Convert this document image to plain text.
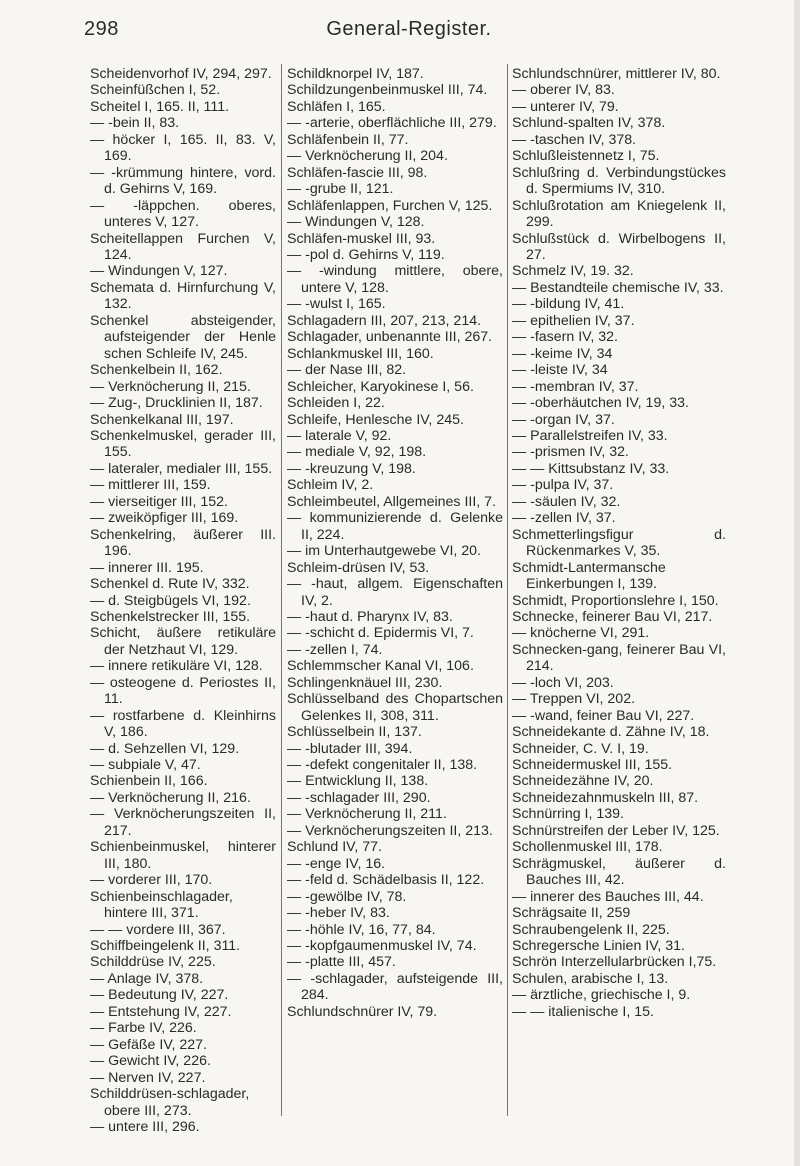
298	General-Register.

Scheidenvorhof IV, 294, 297.

Scheinfüßchen I, 52.

Scheitel I, 165. II, 111.

— -bein II, 83.

— höcker I, 165. II, 83. V, 169.

— -krümmung hintere, vord. d. Gehirns V, 169.

— -läppchen. oberes, unteres V, 127.

Scheitellappen Furchen V, 124.

— Windungen V, 127.

Schemata d. Hirnfurchung V, 132.

Schenkel absteigender, aufsteigender der Henle schen Schleife IV, 245.

Schenkelbein II, 162.

— Verknöcherung II, 215.

— Zug-, Drucklinien II, 187.

Schenkelkanal III, 197.

Schenkelmuskel, gerader III, 155.

— lateraler, medialer III, 155.

— mittlerer III, 159.

— vierseitiger III, 152.

— zweiköpfiger III, 169.

Schenkelring, äußerer III. 196.

— innerer III. 195.

Schenkel d. Rute IV, 332.

— d. Steigbügels VI, 192.

Schenkelstrecker III, 155.

Schicht, äußere retikuläre der Netzhaut VI, 129.

— innere retikuläre VI, 128.

— osteogene d. Periostes II, 11.

— rostfarbene d. Kleinhirns V, 186.

— d. Sehzellen VI, 129.

— subpiale V, 47.

Schienbein II, 166.

— Verknöcherung II, 216.

— Verknöcherungszeiten II, 217.

Schienbeinmuskel, hinterer III, 180.

— vorderer III, 170.

Schienbeinschlagader, hintere III, 371.

— — vordere III, 367.

Schiffbeingelenk II, 311.

Schilddrüse IV, 225.

— Anlage IV, 378.

— Bedeutung IV, 227.

— Entstehung IV, 227.

— Farbe IV, 226.

— Gefäße IV, 227.

— Gewicht IV, 226.

— Nerven IV, 227.

Schilddrüsen-schlagader, obere III, 273.

— untere III, 296.

Schildknorpel IV, 187.

Schildzungenbeinmuskel III, 74.

Schläfen I, 165.

— -arterie, oberflächliche III, 279.

Schläfenbein II, 77.

— Verknöcherung II, 204.

Schläfen-fascie III, 98.

— -grube II, 121.

Schläfenlappen, Furchen V, 125.

— Windungen V, 128.

Schläfen-muskel III, 93.

— -pol d. Gehirns V, 119.

— -windung mittlere, obere, untere V, 128.

— -wulst I, 165.

Schlagadern III, 207, 213, 214.

Schlagader, unbenannte III, 267.

Schlankmuskel III, 160.

— der Nase III, 82.

Schleicher, Karyokinese I, 56.

Schleiden I, 22.

Schleife, Henlesche IV, 245.

— laterale V, 92.

— mediale V, 92, 198.

— -kreuzung V, 198.

Schleim IV, 2.

Schleimbeutel, Allgemeines III, 7.

— kommunizierende d. Gelenke II, 224.

— im Unterhautgewebe VI, 20.

Schleim-drüsen IV, 53.

— -haut, allgem. Eigenschaften IV, 2.

— -haut d. Pharynx IV, 83.

— -schicht d. Epidermis VI, 7.

— -zellen I, 74.

Schlemmscher Kanal VI, 106.

Schlingenknäuel III, 230.

Schlüsselband des Chopartschen Gelenkes II, 308, 311.

Schlüsselbein II, 137.

— -blutader III, 394.

— -defekt congenitaler II, 138.

— Entwicklung II, 138.

— -schlagader III, 290.

— Verknöcherung II, 211.

— Verknöcherungszeiten II, 213.

Schlund IV, 77.

— -enge IV, 16.

— -feld d. Schädelbasis II, 122.

— -gewölbe IV, 78.

— -heber IV, 83.

— -höhle IV, 16, 77, 84.

— -kopfgaumenmuskel IV, 74.

— -platte III, 457.

— -schlagader, aufsteigende III, 284.

Schlundschnürer IV, 79.

Schlundschnürer, mittlerer IV, 80.

— oberer IV, 83.

— unterer IV, 79.

Schlund-spalten IV, 378.

— -taschen IV, 378.

Schlußleistennetz I, 75.

Schlußring d. Verbindungstückes d. Spermiums IV, 310.

Schlußrotation am Kniegelenk II, 299.

Schlußstück d. Wirbelbogens II, 27.

Schmelz IV, 19. 32.

— Bestandteile chemische IV, 33.

— -bildung IV, 41.

— epithelien IV, 37.

— -fasern IV, 32.

— -keime IV, 34

— -leiste IV, 34

— -membran IV, 37.

— -oberhäutchen IV, 19, 33.

— -organ IV, 37.

— Parallelstreifen IV, 33.

— -prismen IV, 32.

— — Kittsubstanz IV, 33.

— -pulpa IV, 37.

— -säulen IV, 32.

— -zellen IV, 37.

Schmetterlingsfigur d. Rückenmarkes V, 35.

Schmidt-Lantermansche Einkerbungen I, 139.

Schmidt, Proportionslehre I, 150.

Schnecke, feinerer Bau VI, 217.

— knöcherne VI, 291.

Schnecken-gang, feinerer Bau VI, 214.

— -loch VI, 203.

— Treppen VI, 202.

— -wand, feiner Bau VI, 227.

Schneidekante d. Zähne IV, 18.

Schneider, C. V. I, 19.

Schneidermuskel III, 155.

Schneidezähne IV, 20.

Schneidezahnmuskeln III, 87.

Schnürring I, 139.

Schnürstreifen der Leber IV, 125.

Schollenmuskel III, 178.

Schrägmuskel, äußerer d. Bauches III, 42.

— innerer des Bauches III, 44.

Schrägsaite II, 259

Schraubengelenk II, 225.

Schregersche Linien IV, 31.

Schrön Interzellularbrücken I,75.

Schulen, arabische I, 13.

— ärztliche, griechische I, 9.

— — italienische I, 15.
